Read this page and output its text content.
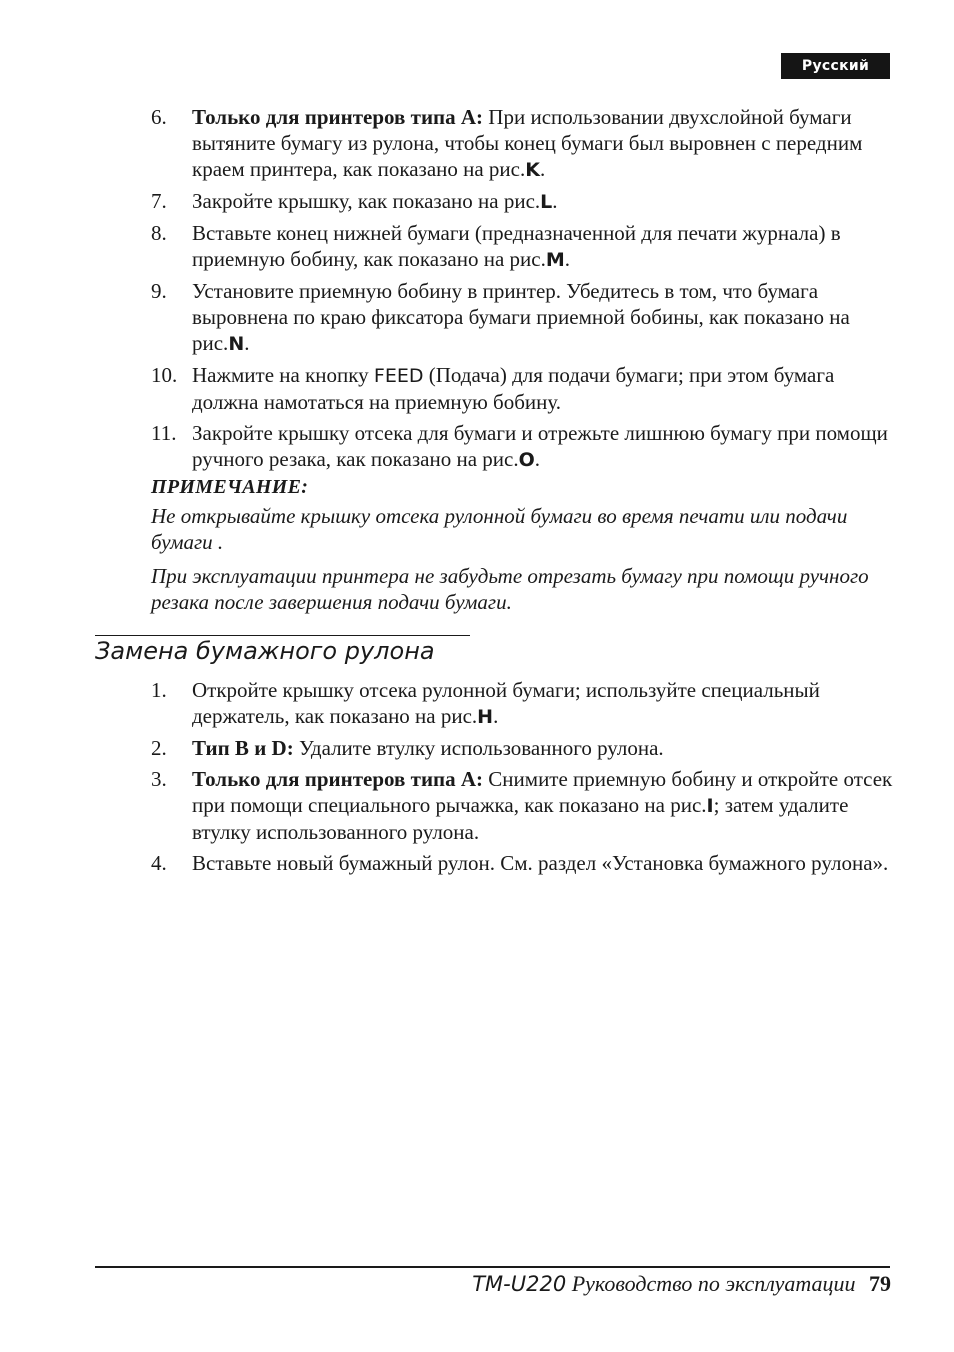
Русский
6. Только для принтеров типа A: При использовании двухслойной бумаги вытяните бумагу из рулона, чтобы конец бумаги был выровнен с передним краем принтера, как показано на рис.K.
7. Закройте крышку, как показано на рис.L.
8. Вставьте конец нижней бумаги (предназначенной для печати журнала) в приемную бобину, как показано на рис.M.
9. Установите приемную бобину в принтер. Убедитесь в том, что бумага выровнена по краю фиксатора бумаги приемной бобины, как показано на рис.N.
10. Нажмите на кнопку FEED (Подача) для подачи бумаги; при этом бумага должна намотаться на приемную бобину.
11. Закройте крышку отсека для бумаги и отрежьте лишнюю бумагу при помощи ручного резака, как показано на рис.O.
ПРИМЕЧАНИЕ:
Не открывайте крышку отсека рулонной бумаги во время печати или подачи бумаги .
При эксплуатации принтера не забудьте отрезать бумагу при помощи ручного резака после завершения подачи бумаги.
Замена бумажного рулона
1. Откройте крышку отсека рулонной бумаги; используйте специальный держатель, как показано на рис.H.
2. Тип B и D: Удалите втулку использованного рулона.
3. Только для принтеров типа A: Снимите приемную бобину и откройте отсек при помощи специального рычажка, как показано на рис.I; затем удалите втулку использованного рулона.
4. Вставьте новый бумажный рулон. См. раздел «Установка бумажного рулона».
TM-U220 Руководство по эксплуатации 79
